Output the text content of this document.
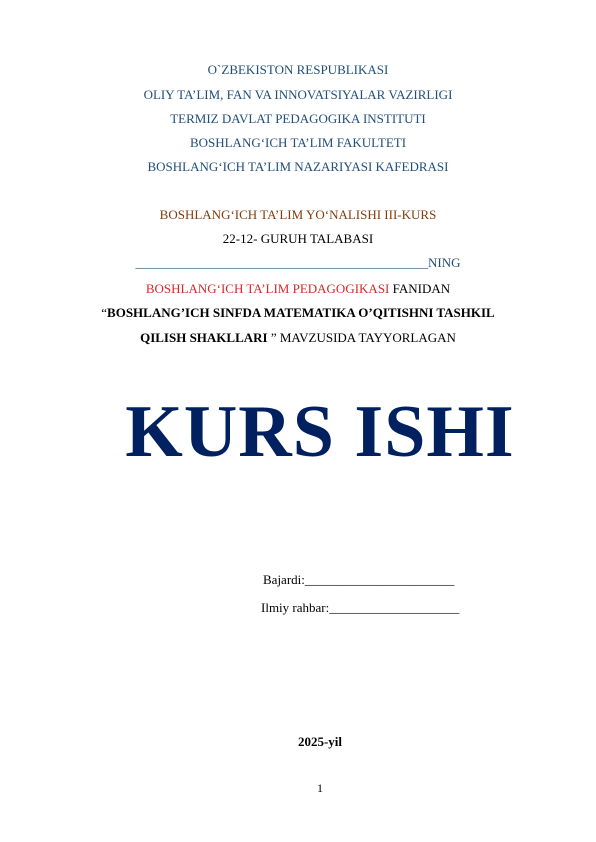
O`ZBEKISTON RESPUBLIKASI
OLIY TA’LIM, FAN VA INNOVATSIYALAR VAZIRLIGI
TERMIZ DAVLAT PEDAGOGIKA INSTITUTI
BOSHLANG‘ICH TA’LIM FAKULTETI
BOSHLANG‘ICH TA’LIM NAZARIYASI KAFEDRASI
BOSHLANG‘ICH TA’LIM YO‘NALISHI III-KURS
22-12- GURUH TALABASI
_____________________________________________NING
BOSHLANG‘ICH TA’LIM PEDAGOGIKASI FANIDAN
“BOSHLANG’ICH SINFDA MATEMATIKA O’QITISHNI TASHKIL
QILISH SHAKLLARI ” MAVZUSIDA TAYYORLAGAN
KURS ISHI
Bajardi:_______________________
Ilmiy rahbar:____________________
2025-yil
1
